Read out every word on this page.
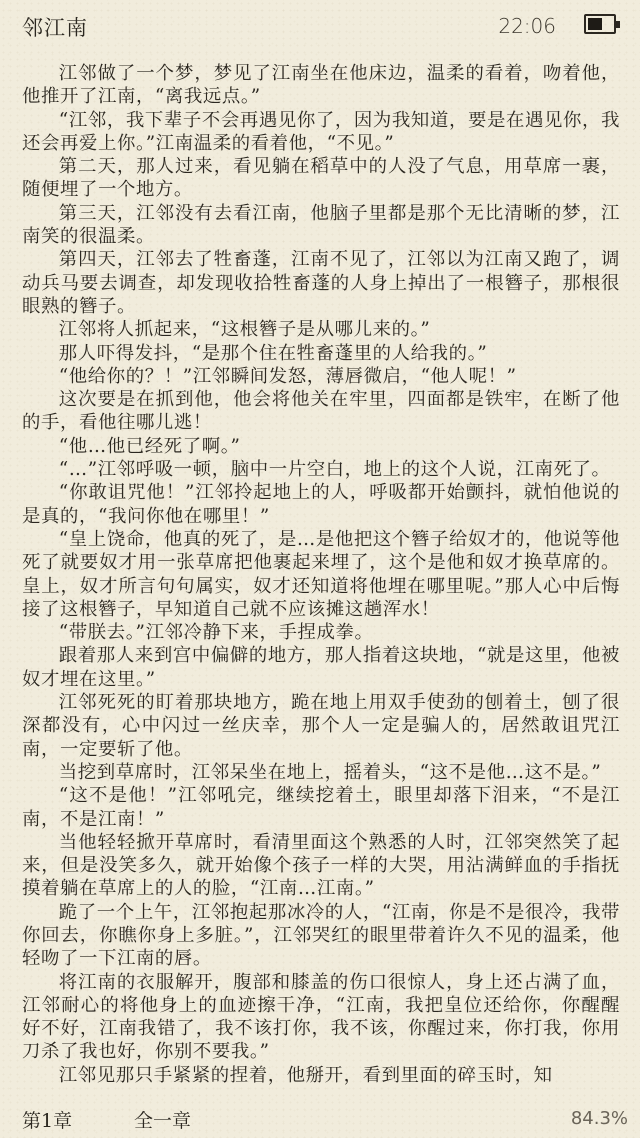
邻江南	22:06

江邻做了一个梦，梦见了江南坐在他床边，温柔的看着，吻着他，他推开了江南，“离我远点。”

“江邻，我下辈子不会再遇见你了，因为我知道，要是在遇见你，我还会再爱上你。”江南温柔的看着他，“不见。”

第二天，那人过来，看见躺在稻草中的人没了气息，用草席一裹，随便埋了一个地方。

第三天，江邻没有去看江南，他脑子里都是那个无比清晰的梦，江南笑的很温柔。

第四天，江邻去了牲畜蓬，江南不见了，江邻以为江南又跑了，调动兵马要去调查，却发现收拾牲畜蓬的人身上掉出了一根簪子，那根很眼熟的簪子。

江邻将人抓起来，“这根簪子是从哪儿来的。”

那人吓得发抖，“是那个住在牲畜蓬里的人给我的。”

“他给你的？！”江邻瞬间发怒，薄唇微启，“他人呢！”

这次要是在抓到他，他会将他关在牢里，四面都是铁牢，在断了他的手，看他往哪儿逃！

“他…他已经死了啊。”

“…”江邻呼吸一顿，脑中一片空白，地上的这个人说，江南死了。

“你敢诅咒他！”江邻拎起地上的人，呼吸都开始颤抖，就怕他说的是真的，“我问你他在哪里！”

“皇上饶命，他真的死了，是…是他把这个簪子给奴才的，他说等他死了就要奴才用一张草席把他裹起来埋了，这个是他和奴才换草席的。皇上，奴才所言句句属实，奴才还知道将他埋在哪里呢。”那人心中后悔接了这根簪子，早知道自己就不应该摊这趟浑水！

“带朕去。”江邻冷静下来，手捏成拳。

跟着那人来到宫中偏僻的地方，那人指着这块地，“就是这里，他被奴才埋在这里。”

江邻死死的盯着那块地方，跪在地上用双手使劲的刨着土，刨了很深都没有，心中闪过一丝庆幸，那个人一定是骗人的，居然敢诅咒江南，一定要斩了他。

当挖到草席时，江邻呆坐在地上，摇着头，“这不是他…这不是。”

“这不是他！”江邻吼完，继续挖着土，眼里却落下泪来，“不是江南，不是江南！”

当他轻轻掀开草席时，看清里面这个熟悉的人时，江邻突然笑了起来，但是没笑多久，就开始像个孩子一样的大哭，用沾满鲜血的手指抚摸着躺在草席上的人的脸，“江南…江南。”

跪了一个上午，江邻抱起那冰冷的人，“江南，你是不是很冷，我带你回去，你瞧你身上多脏。”，江邻哭红的眼里带着许久不见的温柔，他轻吻了一下江南的唇。

将江南的衣服解开，腹部和膝盖的伤口很惊人，身上还占满了血，江邻耐心的将他身上的血迹擦干净，“江南，我把皇位还给你，你醒醒好不好，江南我错了，我不该打你，我不该，你醒过来，你打我，你用刀杀了我也好，你别不要我。”

江邻见那只手紧紧的捏着，他掰开，看到里面的碎玉时，知

第1章	全一章	84.3%
